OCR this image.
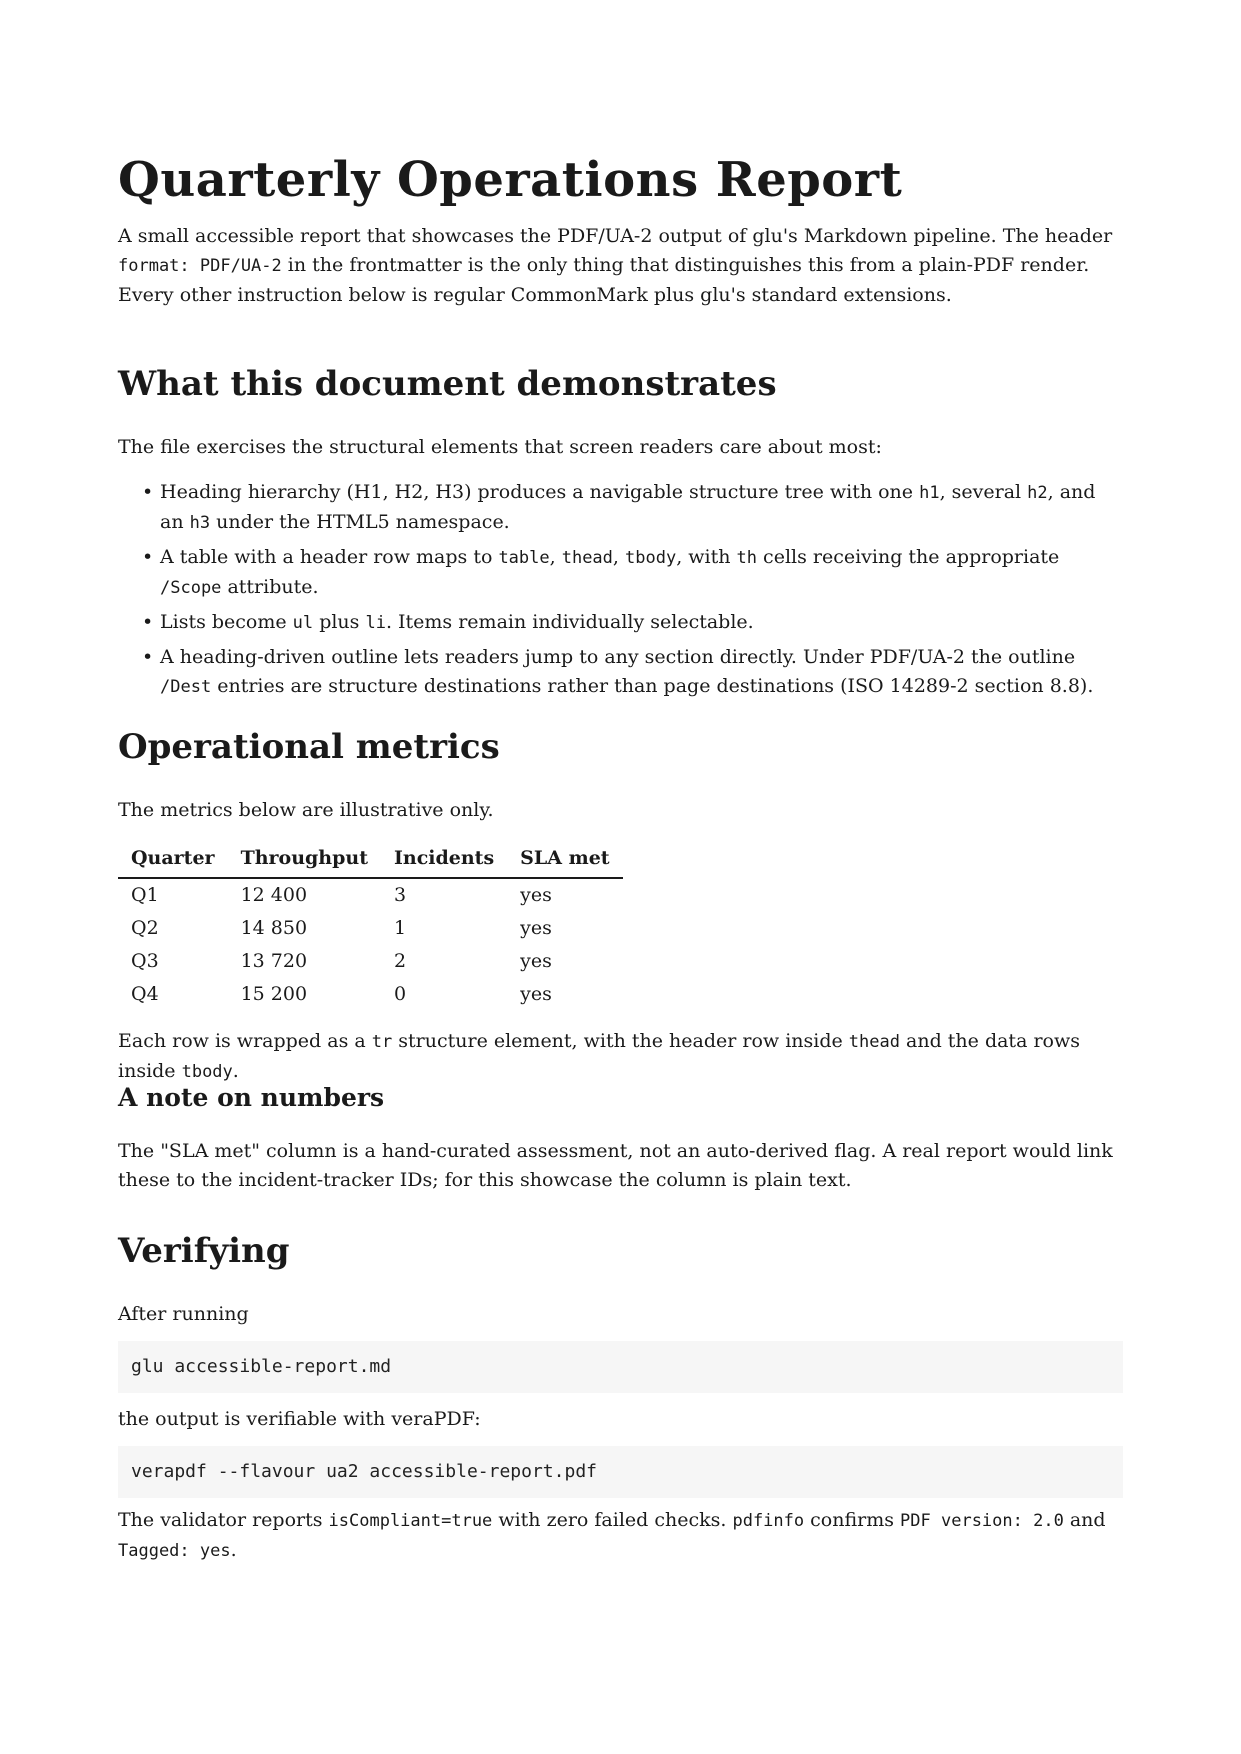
Quarterly Operations Report

A small accessible report that showcases the PDF/UA-2 output of glu's Markdown pipeline. The header format: PDF/UA-2 in the frontmatter is the only thing that distinguishes this from a plain-PDF render. Every other instruction below is regular CommonMark plus glu's standard extensions.

What this document demonstrates

The file exercises the structural elements that screen readers care about most:

• Heading hierarchy (H1, H2, H3) produces a navigable structure tree with one h1, several h2, and an h3 under the HTML5 namespace.
• A table with a header row maps to table, thead, tbody, with th cells receiving the appropriate /Scope attribute.
• Lists become ul plus li. Items remain individually selectable.
• A heading-driven outline lets readers jump to any section directly. Under PDF/UA-2 the outline /Dest entries are structure destinations rather than page destinations (ISO 14289-2 section 8.8).
Operational metrics

The metrics below are illustrative only.

Quarter	Throughput	Incidents	SLA met
Q1	12 400	3	yes
Q2	14 850	1	yes
Q3	13 720	2	yes
Q4	15 200	0	yes

Each row is wrapped as a tr structure element, with the header row inside thead and the data rows inside tbody.

A note on numbers

The "SLA met" column is a hand-curated assessment, not an auto-derived flag. A real report would link these to the incident-tracker IDs; for this showcase the column is plain text.

Verifying

After running

glu accessible-report.md

the output is verifiable with veraPDF:

verapdf --flavour ua2 accessible-report.pdf

The validator reports isCompliant=true with zero failed checks. pdfinfo confirms PDF version: 2.0 and Tagged: yes.
